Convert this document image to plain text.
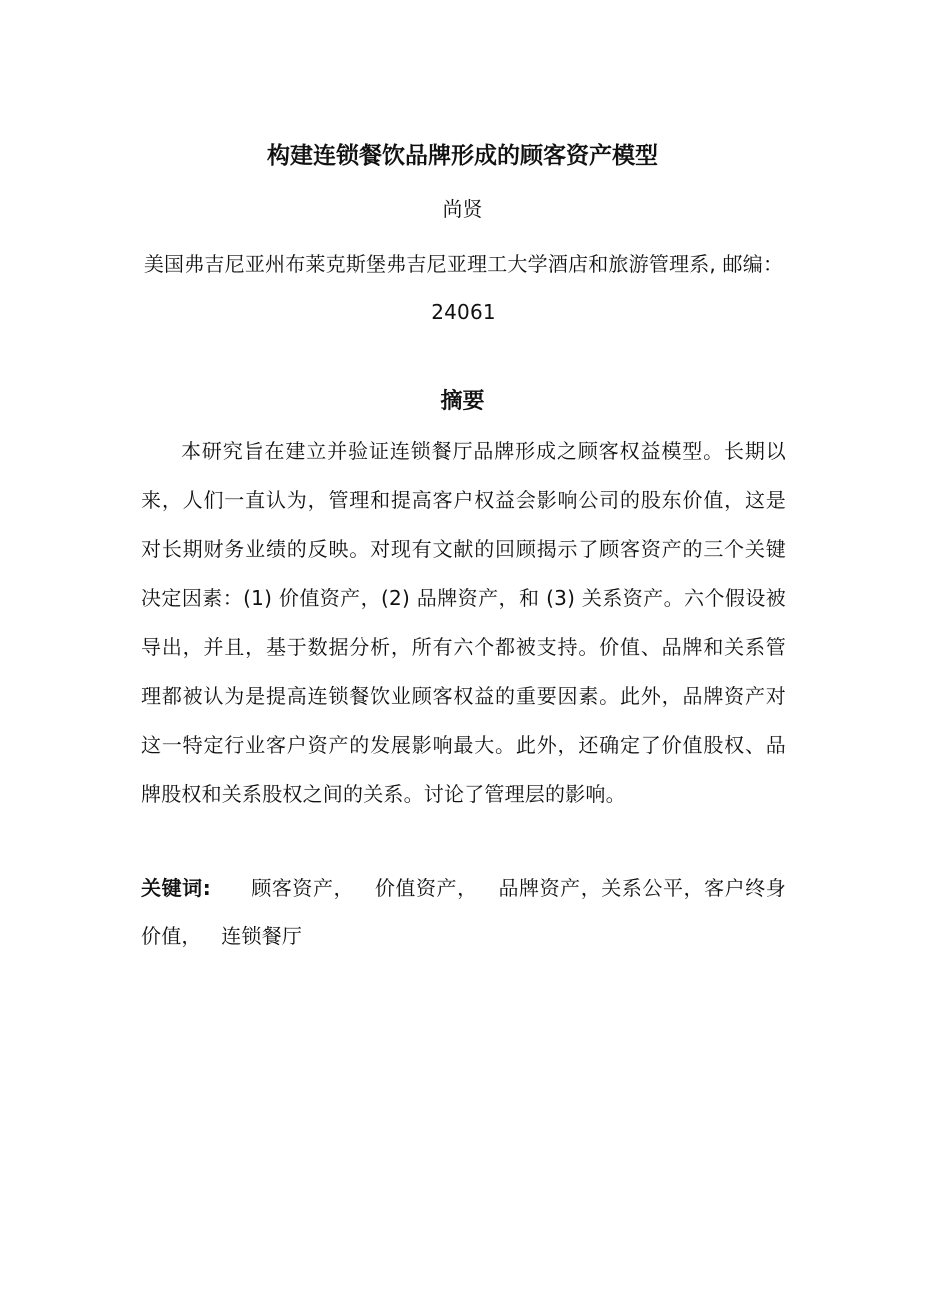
构建连锁餐饮品牌形成的顾客资产模型
尚贤
美国弗吉尼亚州布莱克斯堡弗吉尼亚理工大学酒店和旅游管理系, 邮编：24061
摘要

本研究旨在建立并验证连锁餐厅品牌形成之顾客权益模型。长期以来，人们一直认为，管理和提高客户权益会影响公司的股东价值，这是对长期财务业绩的反映。对现有文献的回顾揭示了顾客资产的三个关键决定因素：(1) 价值资产，(2) 品牌资产，和 (3) 关系资产。六个假设被导出，并且，基于数据分析，所有六个都被支持。价值、品牌和关系管理都被认为是提高连锁餐饮业顾客权益的重要因素。此外，品牌资产对这一特定行业客户资产的发展影响最大。此外，还确定了价值股权、品牌股权和关系股权之间的关系。讨论了管理层的影响。

关键词: 顾客资产， 价值资产， 品牌资产，关系公平，客户终身价值， 连锁餐厅
